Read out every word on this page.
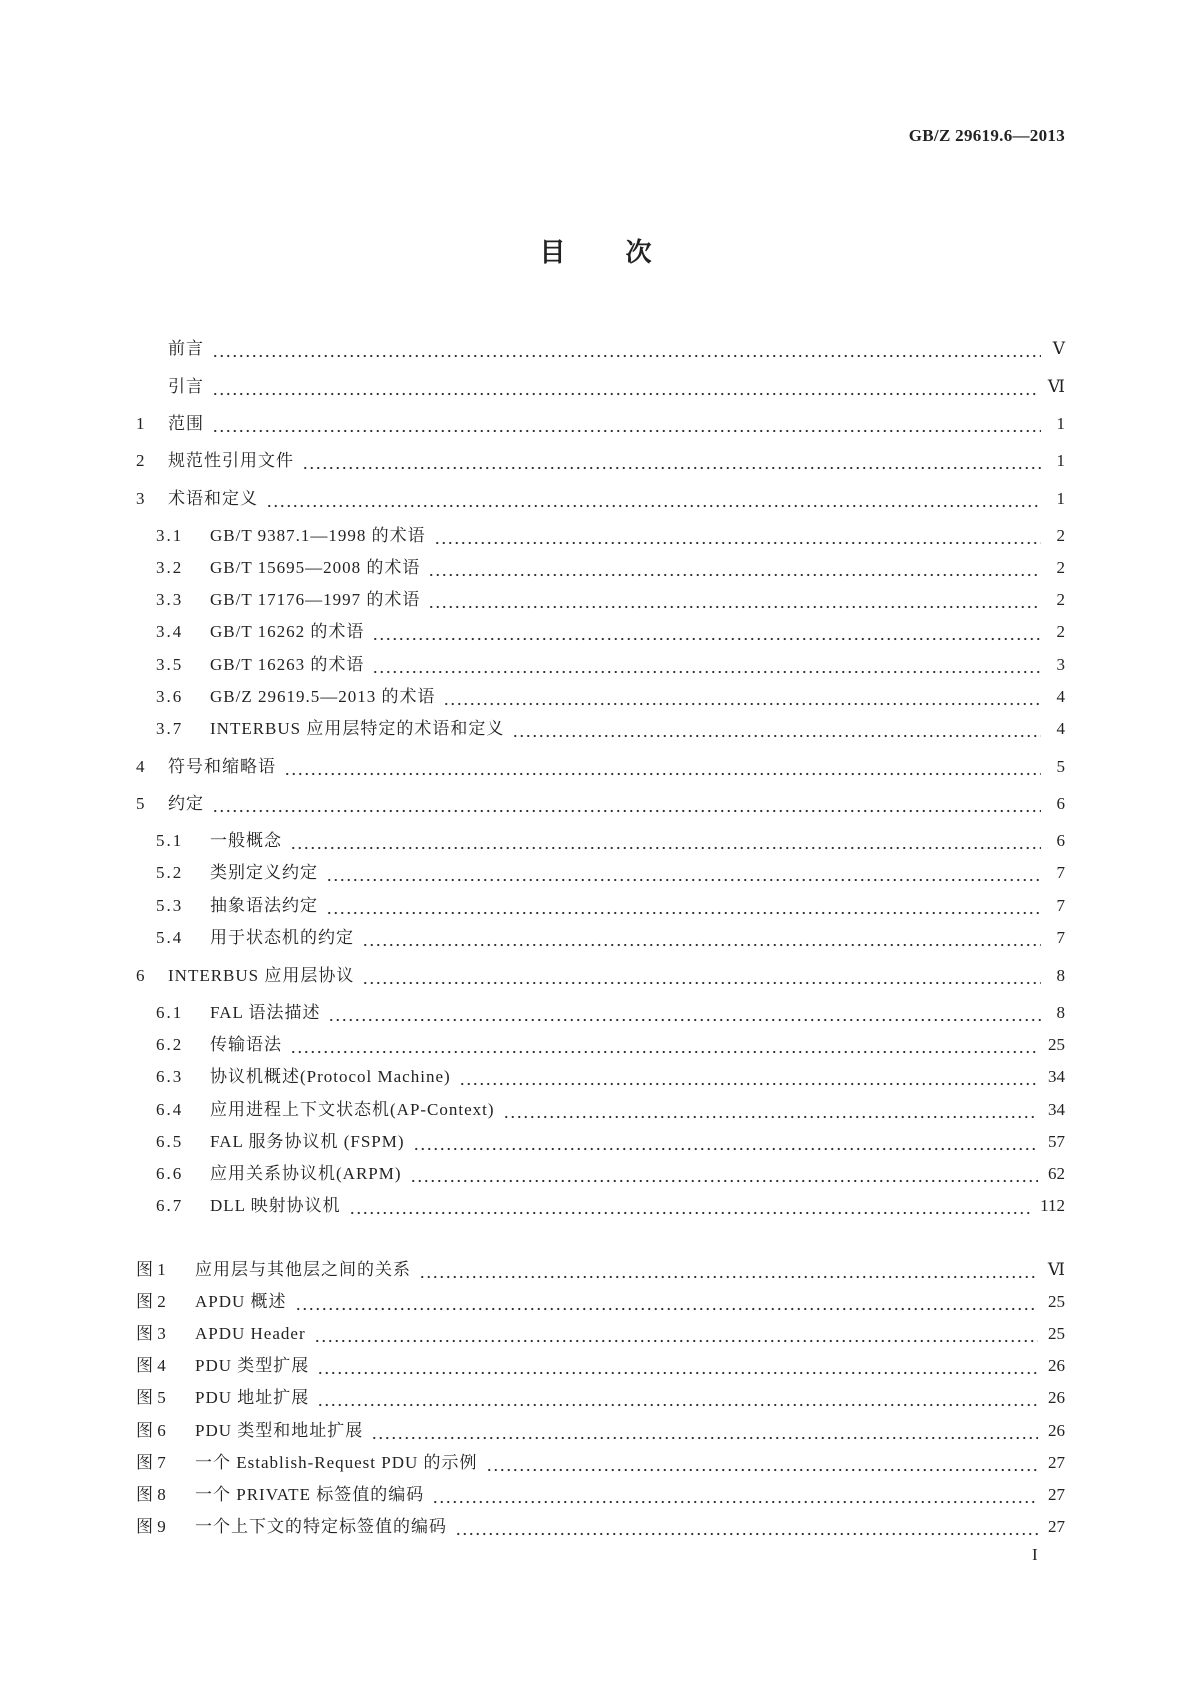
GB/Z 29619.6—2013
目 次
前言	Ⅴ
引言	Ⅵ
1	范围	1
2	规范性引用文件	1
3	术语和定义	1
3.1	GB/T 9387.1—1998 的术语	2
3.2	GB/T 15695—2008 的术语	2
3.3	GB/T 17176—1997 的术语	2
3.4	GB/T 16262 的术语	2
3.5	GB/T 16263 的术语	3
3.6	GB/Z 29619.5—2013 的术语	4
3.7	INTERBUS 应用层特定的术语和定义	4
4	符号和缩略语	5
5	约定	6
5.1	一般概念	6
5.2	类别定义约定	7
5.3	抽象语法约定	7
5.4	用于状态机的约定	7
6	INTERBUS 应用层协议	8
6.1	FAL 语法描述	8
6.2	传输语法	25
6.3	协议机概述(Protocol Machine)	34
6.4	应用进程上下文状态机(AP-Context)	34
6.5	FAL 服务协议机 (FSPM)	57
6.6	应用关系协议机(ARPM)	62
6.7	DLL 映射协议机	112
图 1	应用层与其他层之间的关系	Ⅵ
图 2	APDU 概述	25
图 3	APDU Header	25
图 4	PDU 类型扩展	26
图 5	PDU 地址扩展	26
图 6	PDU 类型和地址扩展	26
图 7	一个 Establish-Request PDU 的示例	27
图 8	一个 PRIVATE 标签值的编码	27
图 9	一个上下文的特定标签值的编码	27
I
